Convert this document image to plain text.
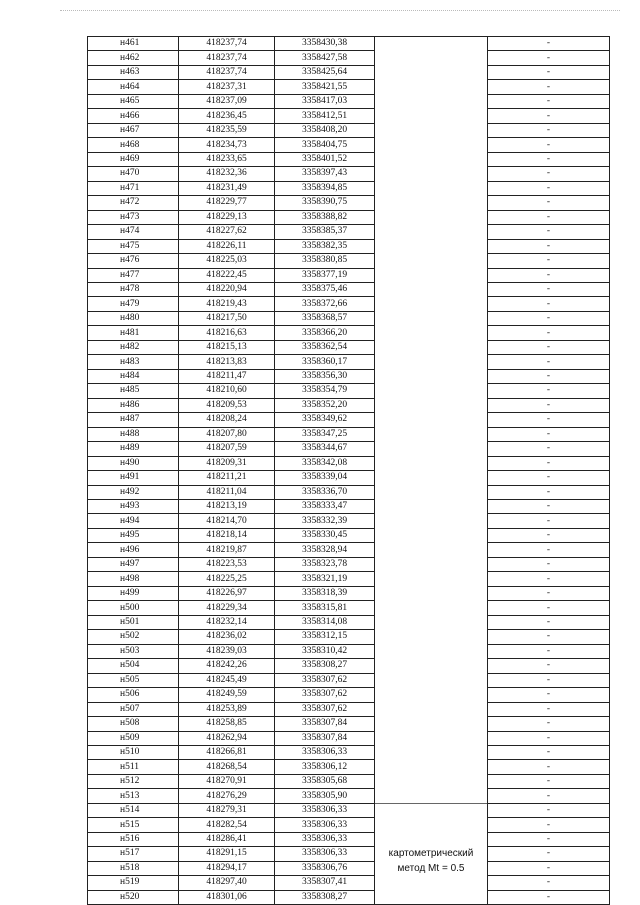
н461	418237,74	3358430,38		-
н462	418237,74	3358427,58		-
н463	418237,74	3358425,64		-
н464	418237,31	3358421,55		-
н465	418237,09	3358417,03		-
н466	418236,45	3358412,51		-
н467	418235,59	3358408,20		-
н468	418234,73	3358404,75		-
н469	418233,65	3358401,52		-
н470	418232,36	3358397,43		-
н471	418231,49	3358394,85		-
н472	418229,77	3358390,75		-
н473	418229,13	3358388,82		-
н474	418227,62	3358385,37		-
н475	418226,11	3358382,35		-
н476	418225,03	3358380,85		-
н477	418222,45	3358377,19		-
н478	418220,94	3358375,46		-
н479	418219,43	3358372,66		-
н480	418217,50	3358368,57		-
н481	418216,63	3358366,20		-
н482	418215,13	3358362,54		-
н483	418213,83	3358360,17		-
н484	418211,47	3358356,30		-
н485	418210,60	3358354,79		-
н486	418209,53	3358352,20		-
н487	418208,24	3358349,62		-
н488	418207,80	3358347,25		-
н489	418207,59	3358344,67		-
н490	418209,31	3358342,08		-
н491	418211,21	3358339,04		-
н492	418211,04	3358336,70		-
н493	418213,19	3358333,47		-
н494	418214,70	3358332,39		-
н495	418218,14	3358330,45		-
н496	418219,87	3358328,94		-
н497	418223,53	3358323,78		-
н498	418225,25	3358321,19		-
н499	418226,97	3358318,39		-
н500	418229,34	3358315,81		-
н501	418232,14	3358314,08		-
н502	418236,02	3358312,15		-
н503	418239,03	3358310,42		-
н504	418242,26	3358308,27		-
н505	418245,49	3358307,62		-
н506	418249,59	3358307,62		-
н507	418253,89	3358307,62		-
н508	418258,85	3358307,84		-
н509	418262,94	3358307,84		-
н510	418266,81	3358306,33		-
н511	418268,54	3358306,12		-
н512	418270,91	3358305,68		-
н513	418276,29	3358305,90		-
н514	418279,31	3358306,33		-
н515	418282,54	3358306,33		-
н516	418286,41	3358306,33		-
н517	418291,15	3358306,33	картометрический	-
н518	418294,17	3358306,76	метод Mt = 0.5	-
н519	418297,40	3358307,41		-
н520	418301,06	3358308,27		-
